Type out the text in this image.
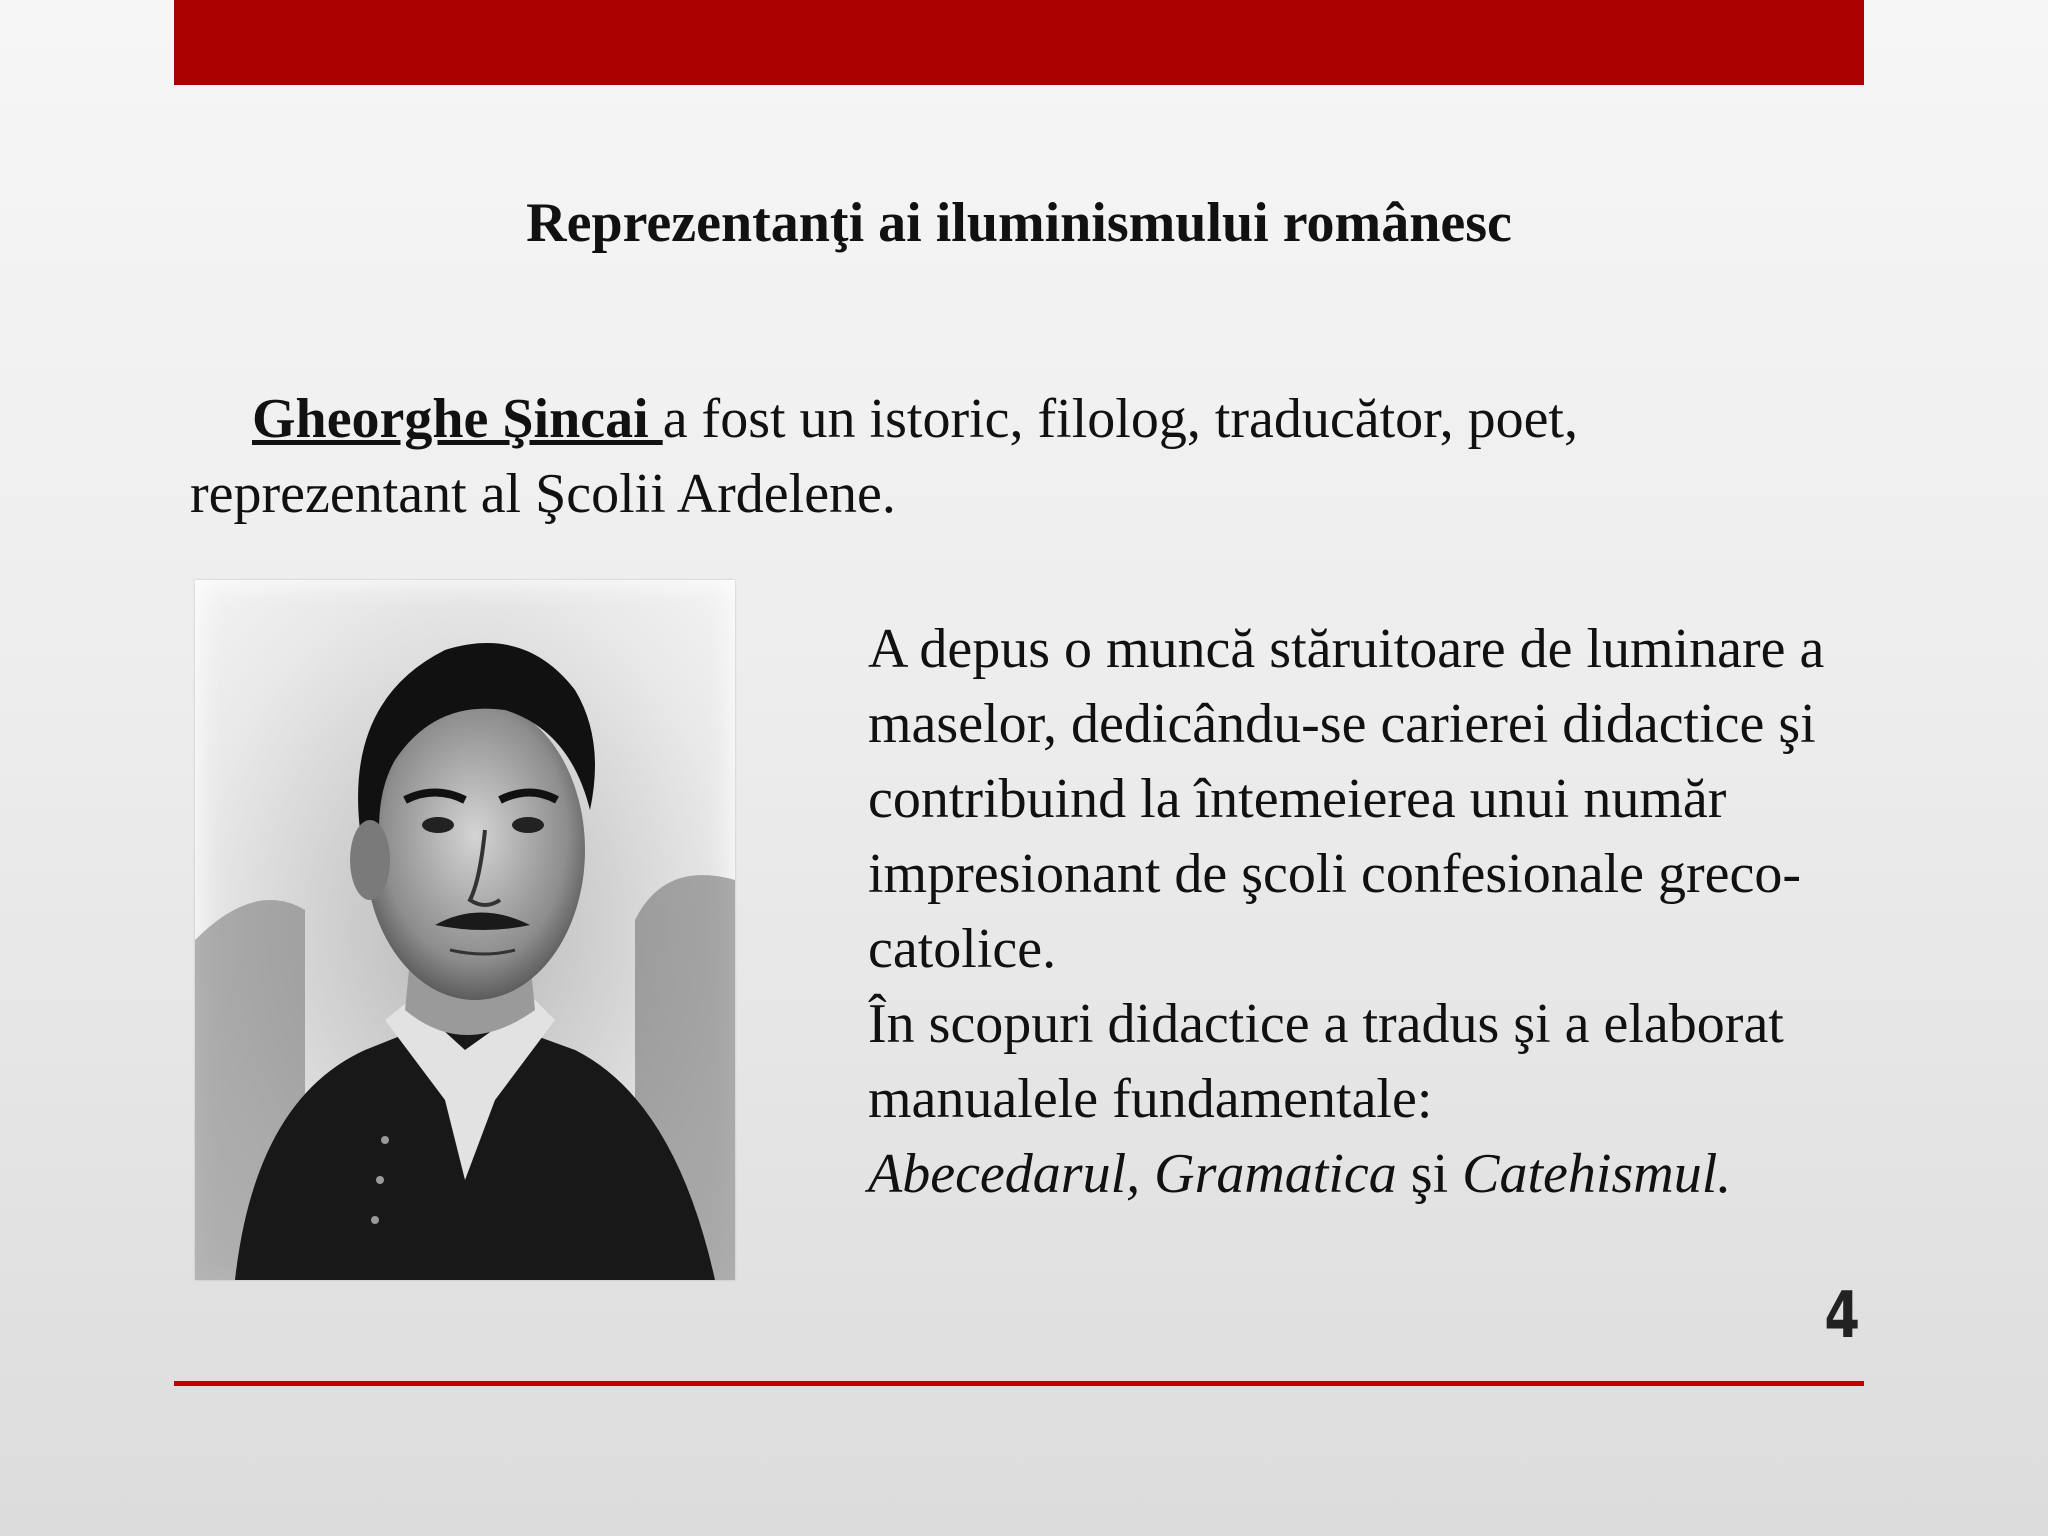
Reprezentanţi ai iluminismului românesc
Gheorghe Şincai a fost un istoric, filolog, traducător, poet, reprezentant al Şcolii Ardelene.

A depus o muncă stăruitoare de luminare a maselor, dedicându-se carierei didactice şi contribuind la întemeierea unui număr impresionant de şcoli confesionale greco-catolice.

În scopuri didactice a tradus şi a elaborat manualele fundamentale:
Abecedarul, Gramatica şi Catehismul.

4
